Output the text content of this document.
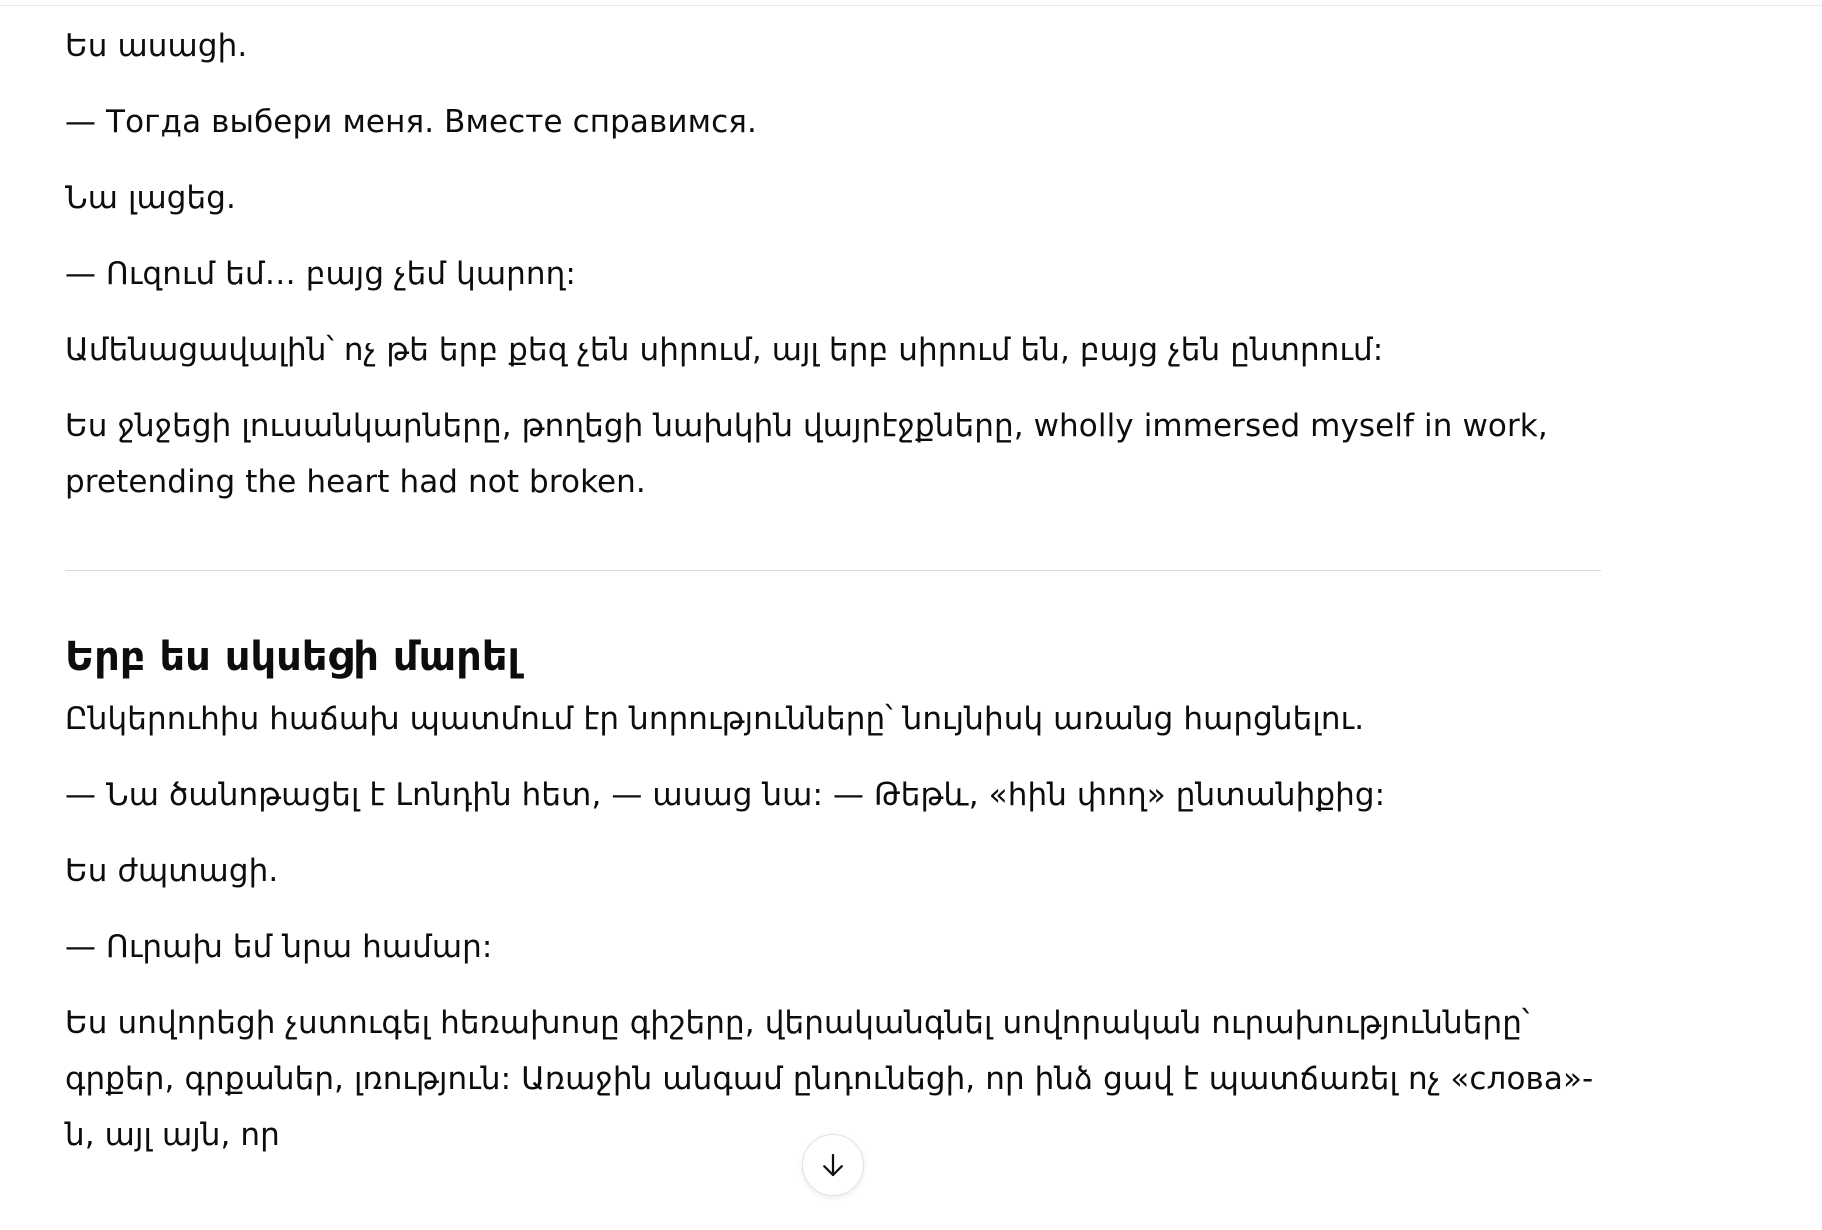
Ես ասացի.

— Тогда выбери меня. Вместе справимся.

Նա լացեց.

— Ուզում եմ… բայց չեմ կարող:

Ամենացավալին՝ ոչ թե երբ քեզ չեն սիրում, այլ երբ սիրում են, բայց չեն ընտրում:

Ես ջնջեցի լուսանկարները, թողեցի նախկին վայրէջքները, wholly immersed myself in work, pretending the heart had not broken.

Երբ ես սկսեցի մարել

Ընկերուհիս հաճախ պատմում էր նորությունները՝ նույնիսկ առանց հարցնելու.

— Նա ծանոթացել է Լոնդին հետ, — ասաց նա: — Թեթև, «հին փող» ընտանիքից:

Ես ժպտացի.

— Ուրախ եմ նրա համար:

Ես սովորեցի չստուգել հեռախոսը գիշերը, վերականգնել սովորական ուրախությունները՝ գրքեր, գրքաներ, լռություն: Առաջին անգամ ընդունեցի, որ ինձ ցավ է պատճառել ոչ «слова»-ն, այլ այն, որ
